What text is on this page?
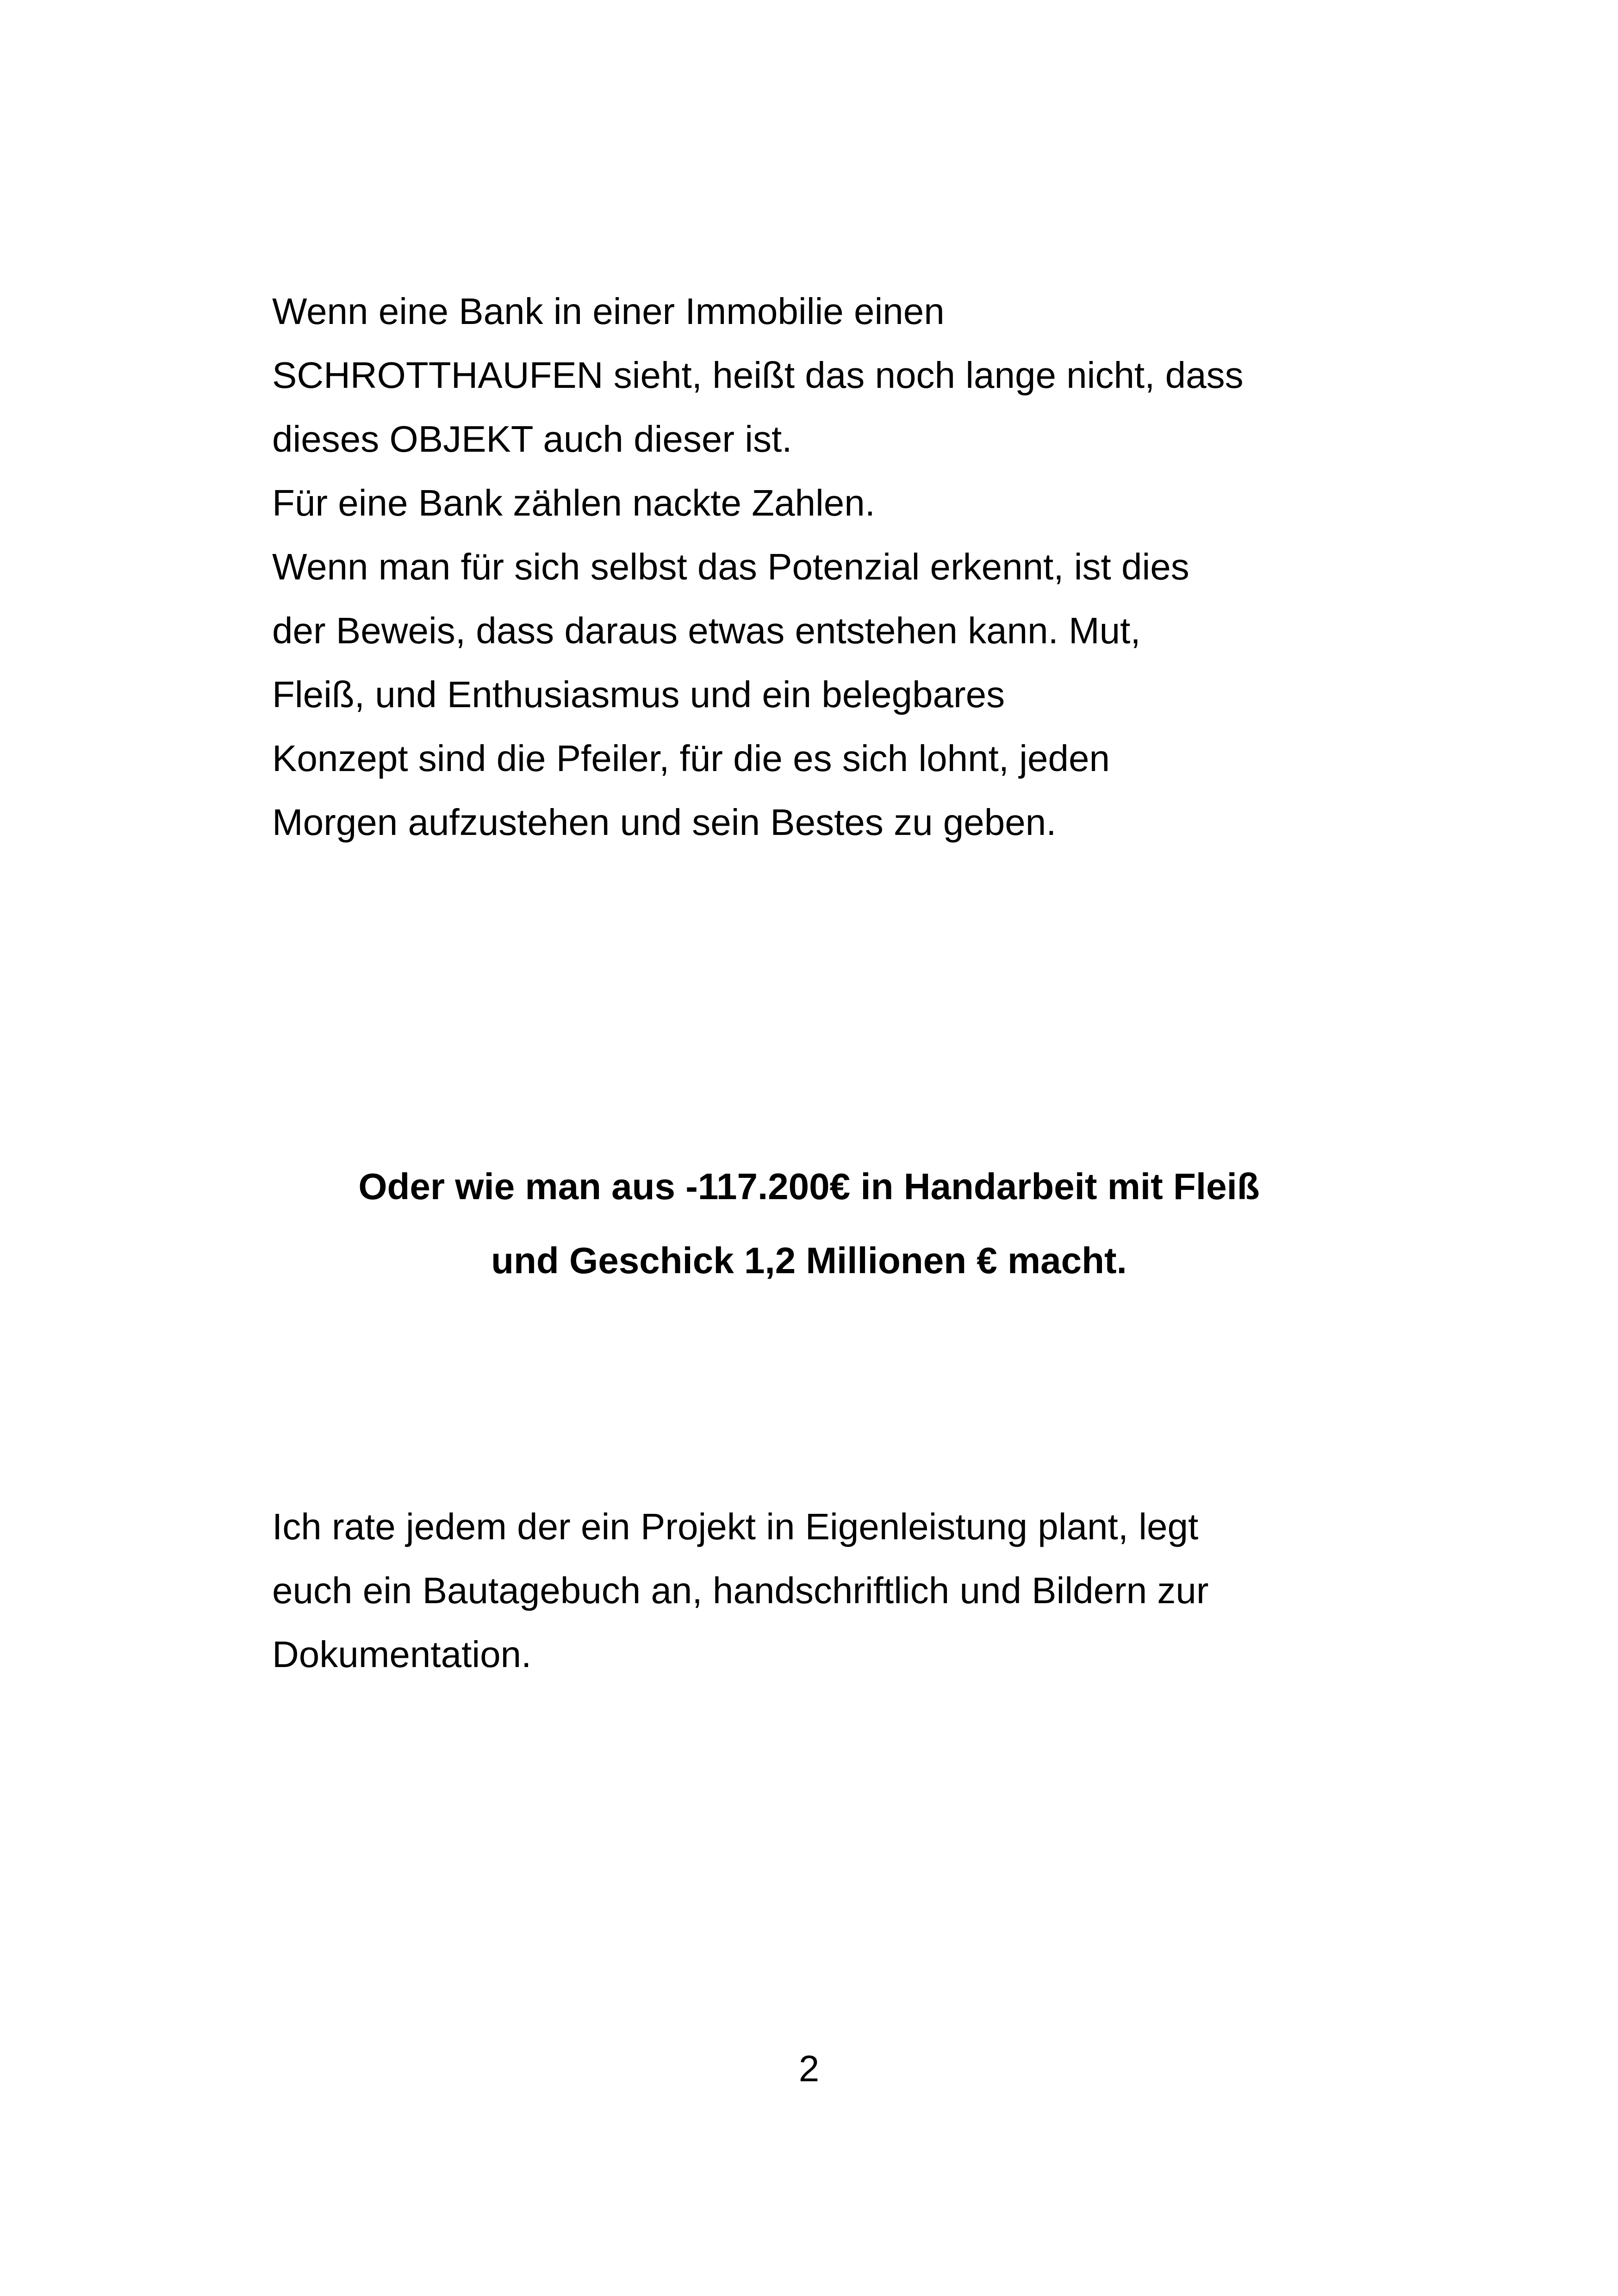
Wenn eine Bank in einer Immobilie einen
SCHROTTHAUFEN sieht, heißt das noch lange nicht, dass
dieses OBJEKT auch dieser ist.
Für eine Bank zählen nackte Zahlen.
Wenn man für sich selbst das Potenzial erkennt, ist dies
der Beweis, dass daraus etwas entstehen kann. Mut,
Fleiß, und Enthusiasmus und ein belegbares
Konzept sind die Pfeiler, für die es sich lohnt, jeden
Morgen aufzustehen und sein Bestes zu geben.
Oder wie man aus -117.200€ in Handarbeit mit Fleiß
und Geschick 1,2 Millionen € macht.
Ich rate jedem der ein Projekt in Eigenleistung plant, legt
euch ein Bautagebuch an, handschriftlich und Bildern zur
Dokumentation.
2
